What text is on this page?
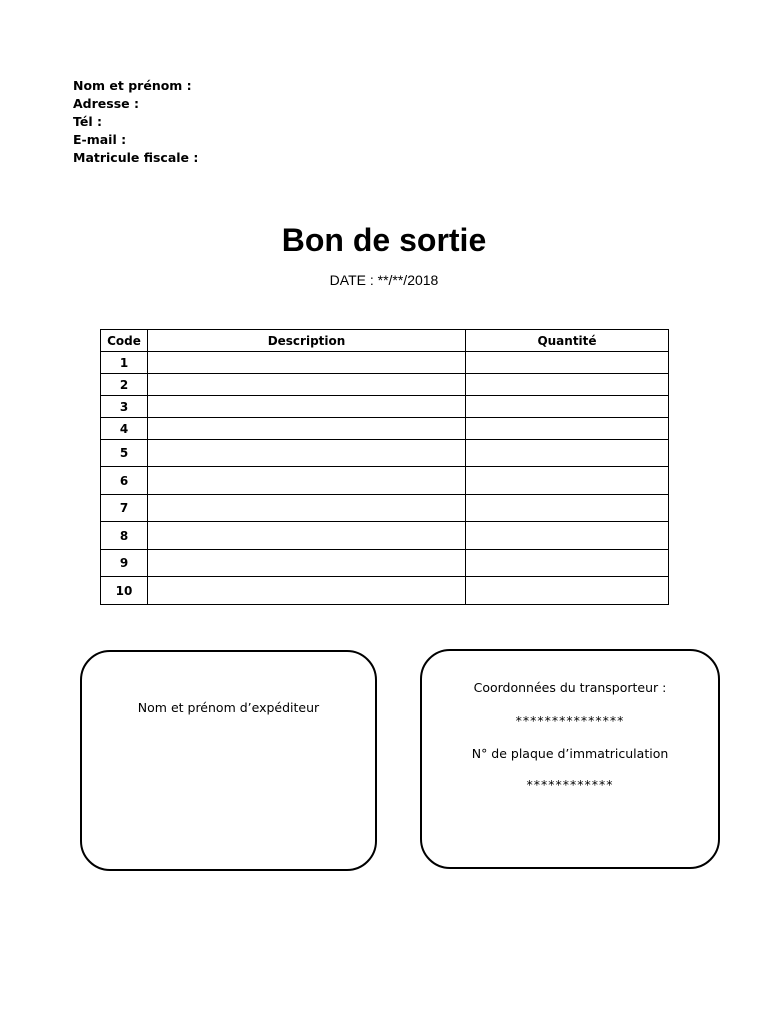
Nom et prénom :
Adresse :
Tél :
E-mail :
Matricule fiscale :
Bon de sortie
DATE : **/**/2018
Code	Description	Quantité
1		
2		
3		
4		
5		
6		
7		
8		
9		
10		
Nom et prénom d’expéditeur
Coordonnées du transporteur :
***************
N° de plaque d’immatriculation
************
